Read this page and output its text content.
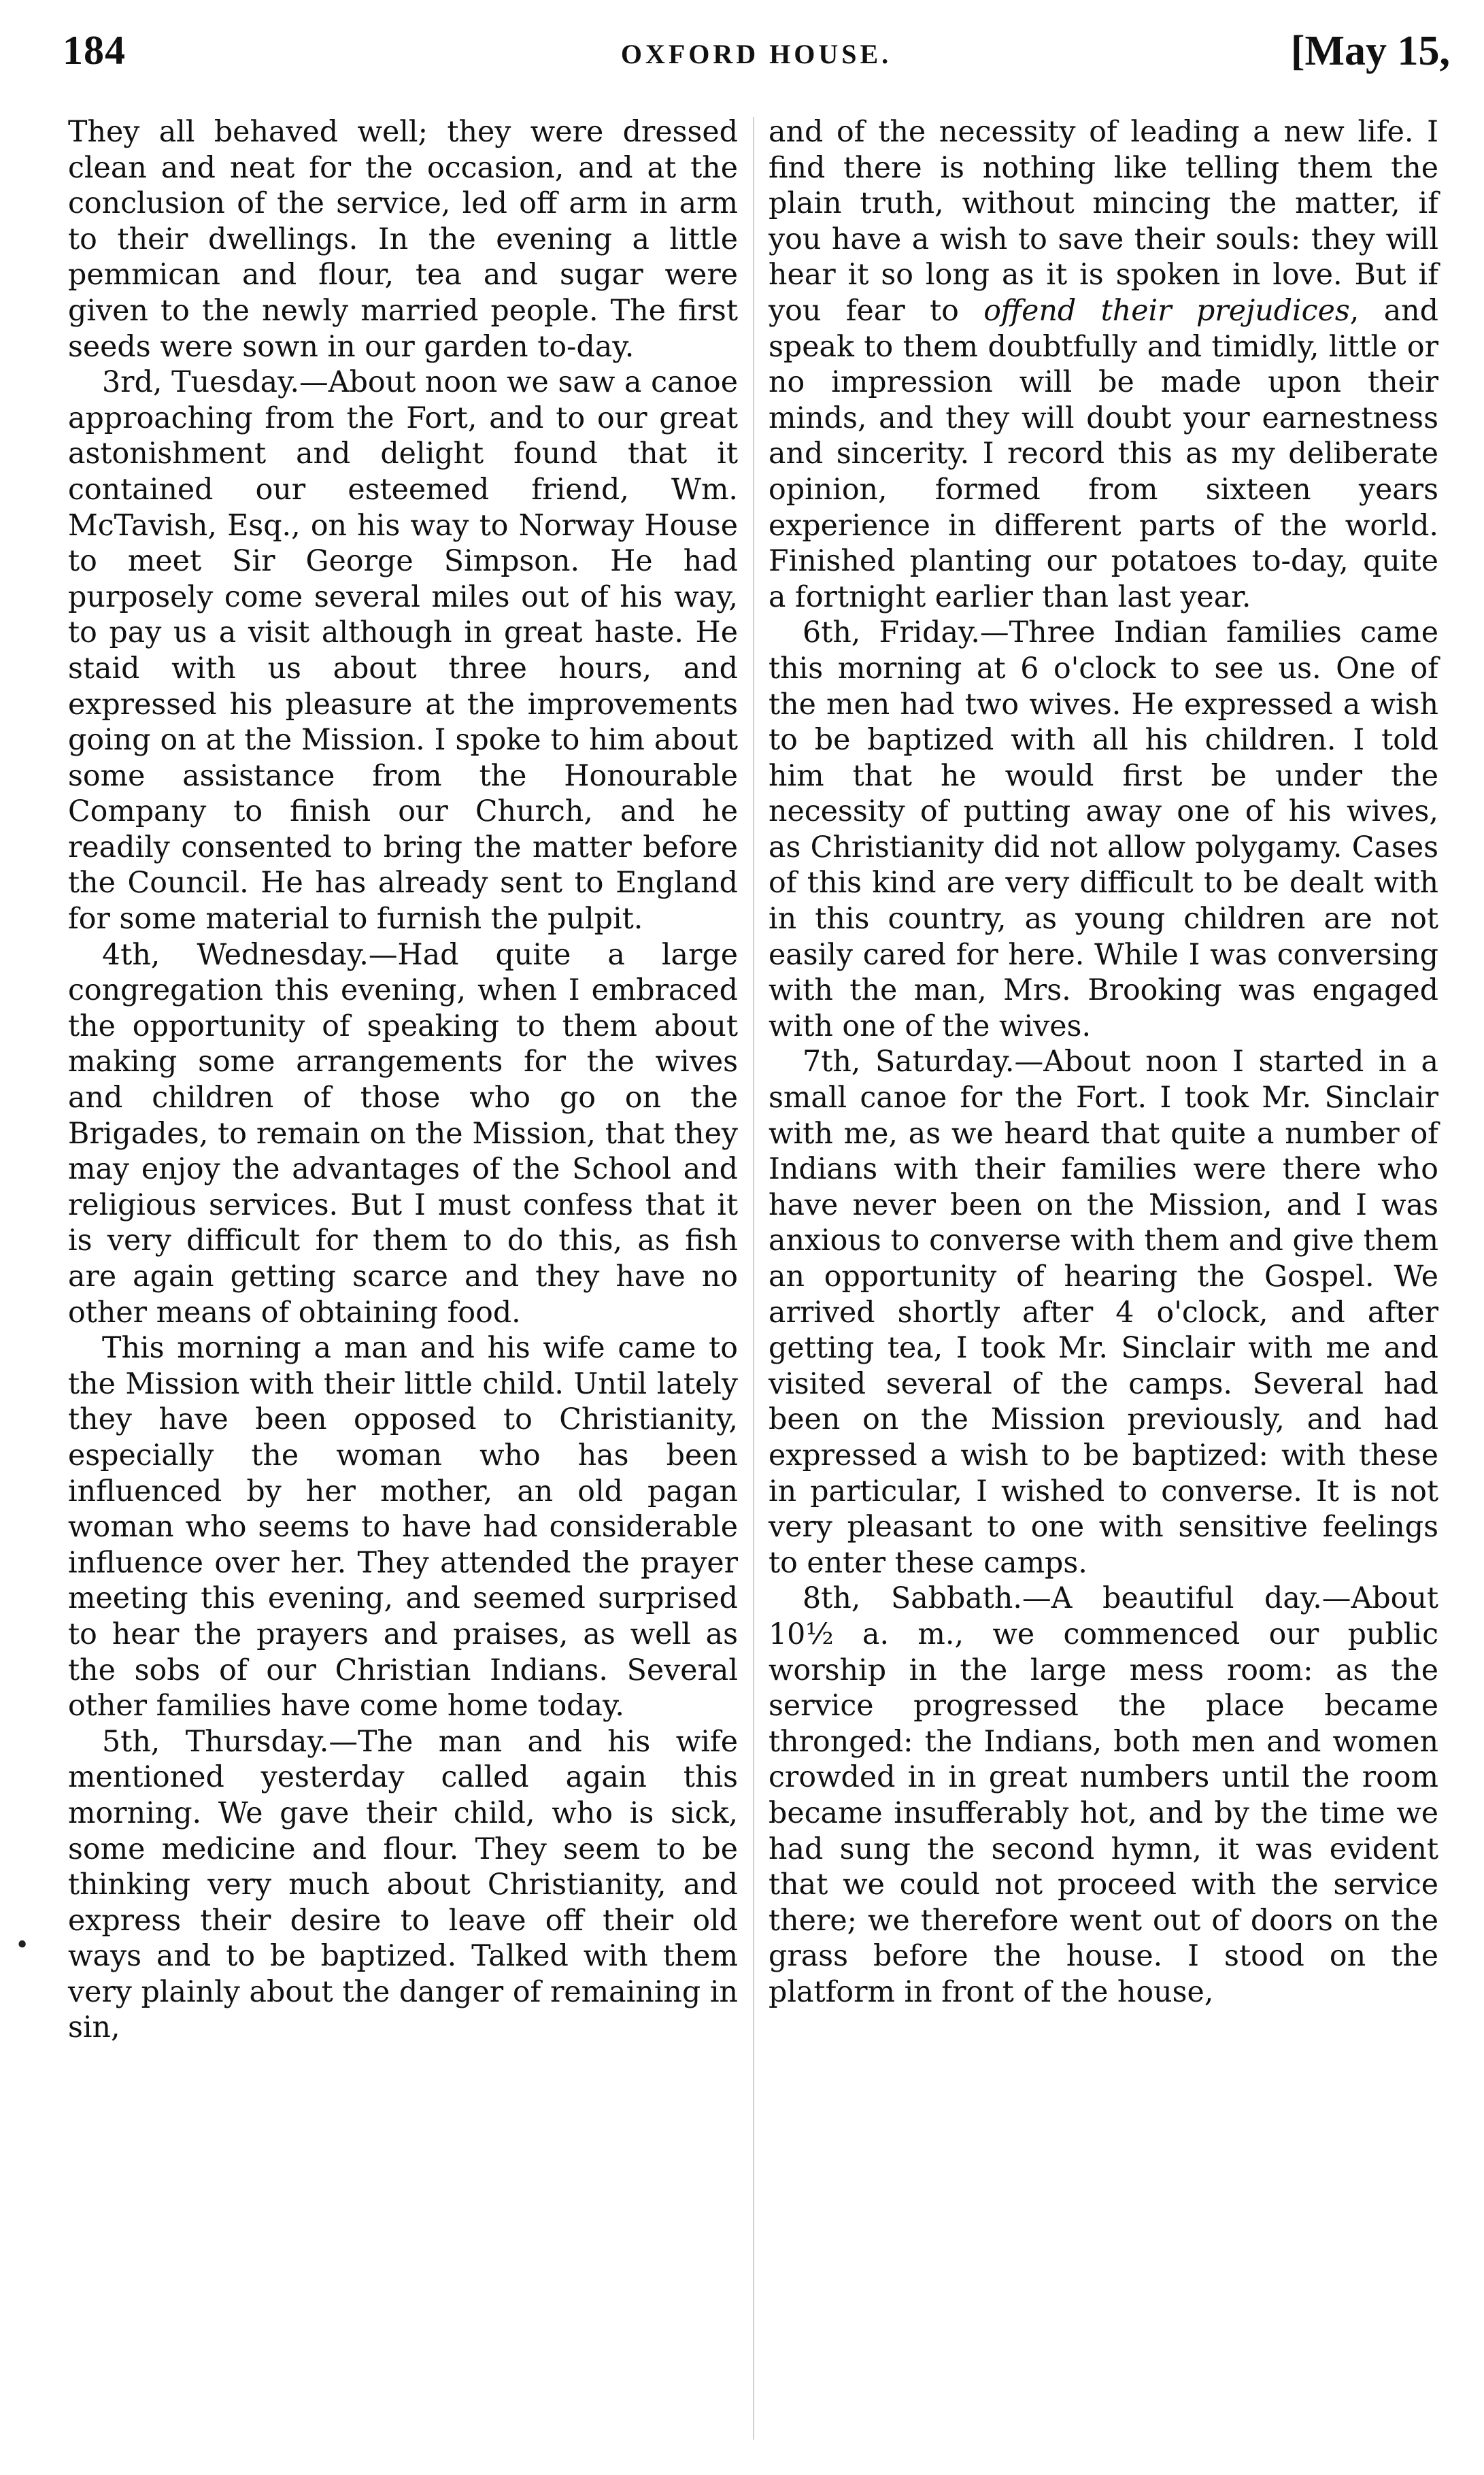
184	OXFORD HOUSE.	[May 15,

They all behaved well; they were dressed clean and neat for the occasion, and at the conclusion of the service, led off arm in arm to their dwellings. In the evening a little pemmican and flour, tea and sugar were given to the newly married people. The first seeds were sown in our garden to-day.

3rd, Tuesday.—About noon we saw a canoe approaching from the Fort, and to our great astonishment and delight found that it contained our esteemed friend, Wm. McTavish, Esq., on his way to Norway House to meet Sir George Simpson. He had purposely come several miles out of his way, to pay us a visit although in great haste. He staid with us about three hours, and expressed his pleasure at the improvements going on at the Mission. I spoke to him about some assistance from the Honourable Company to finish our Church, and he readily consented to bring the matter before the Council. He has already sent to England for some material to furnish the pulpit.

4th, Wednesday.—Had quite a large congregation this evening, when I embraced the opportunity of speaking to them about making some arrangements for the wives and children of those who go on the Brigades, to remain on the Mission, that they may enjoy the advantages of the School and religious services. But I must confess that it is very difficult for them to do this, as fish are again getting scarce and they have no other means of obtaining food.

This morning a man and his wife came to the Mission with their little child. Until lately they have been opposed to Christianity, especially the woman who has been influenced by her mother, an old pagan woman who seems to have had considerable influence over her. They attended the prayer meeting this evening, and seemed surprised to hear the prayers and praises, as well as the sobs of our Christian Indians. Several other families have come home today.

5th, Thursday.—The man and his wife mentioned yesterday called again this morning. We gave their child, who is sick, some medicine and flour. They seem to be thinking very much about Christianity, and express their desire to leave off their old ways and to be baptized. Talked with them very plainly about the danger of remaining in sin,

and of the necessity of leading a new life. I find there is nothing like telling them the plain truth, without mincing the matter, if you have a wish to save their souls: they will hear it so long as it is spoken in love. But if you fear to offend their prejudices, and speak to them doubtfully and timidly, little or no impression will be made upon their minds, and they will doubt your earnestness and sincerity. I record this as my deliberate opinion, formed from sixteen years experience in different parts of the world. Finished planting our potatoes to-day, quite a fortnight earlier than last year.

6th, Friday.—Three Indian families came this morning at 6 o'clock to see us. One of the men had two wives. He expressed a wish to be baptized with all his children. I told him that he would first be under the necessity of putting away one of his wives, as Christianity did not allow polygamy. Cases of this kind are very difficult to be dealt with in this country, as young children are not easily cared for here. While I was conversing with the man, Mrs. Brooking was engaged with one of the wives.

7th, Saturday.—About noon I started in a small canoe for the Fort. I took Mr. Sinclair with me, as we heard that quite a number of Indians with their families were there who have never been on the Mission, and I was anxious to converse with them and give them an opportunity of hearing the Gospel. We arrived shortly after 4 o'clock, and after getting tea, I took Mr. Sinclair with me and visited several of the camps. Several had been on the Mission previously, and had expressed a wish to be baptized: with these in particular, I wished to converse. It is not very pleasant to one with sensitive feelings to enter these camps.

8th, Sabbath.—A beautiful day.—About 10½ a. m., we commenced our public worship in the large mess room: as the service progressed the place became thronged: the Indians, both men and women crowded in in great numbers until the room became insufferably hot, and by the time we had sung the second hymn, it was evident that we could not proceed with the service there; we therefore went out of doors on the grass before the house. I stood on the platform in front of the house,

•
